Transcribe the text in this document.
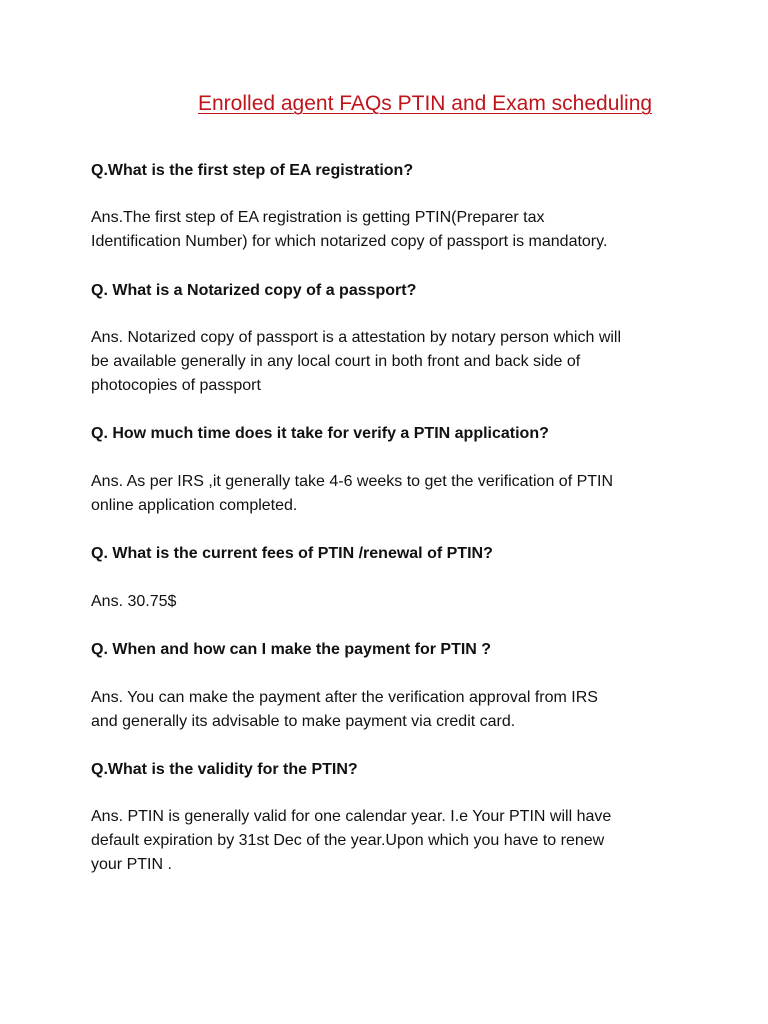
Enrolled agent FAQs PTIN and Exam scheduling

Q.What is the first step of EA registration?

Ans.The first step of EA registration is getting PTIN(Preparer tax
Identification Number) for which notarized copy of passport is mandatory.

Q. What is a Notarized copy of a passport?

Ans. Notarized copy of passport is a attestation by notary person which will
be available generally in any local court in both front and back side of
photocopies of passport

Q. How much time does it take for verify a PTIN application?

Ans. As per IRS ,it generally take 4-6 weeks to get the verification of PTIN
online application completed.

Q. What is the current fees of PTIN /renewal of PTIN?

Ans. 30.75$

Q. When and how can I make the payment for PTIN ?

Ans. You can make the payment after the verification approval from IRS
and generally its advisable to make payment via credit card.

Q.What is the validity for the PTIN?

Ans. PTIN is generally valid for one calendar year. I.e Your PTIN will have
default expiration by 31st Dec of the year.Upon which you have to renew
your PTIN .
